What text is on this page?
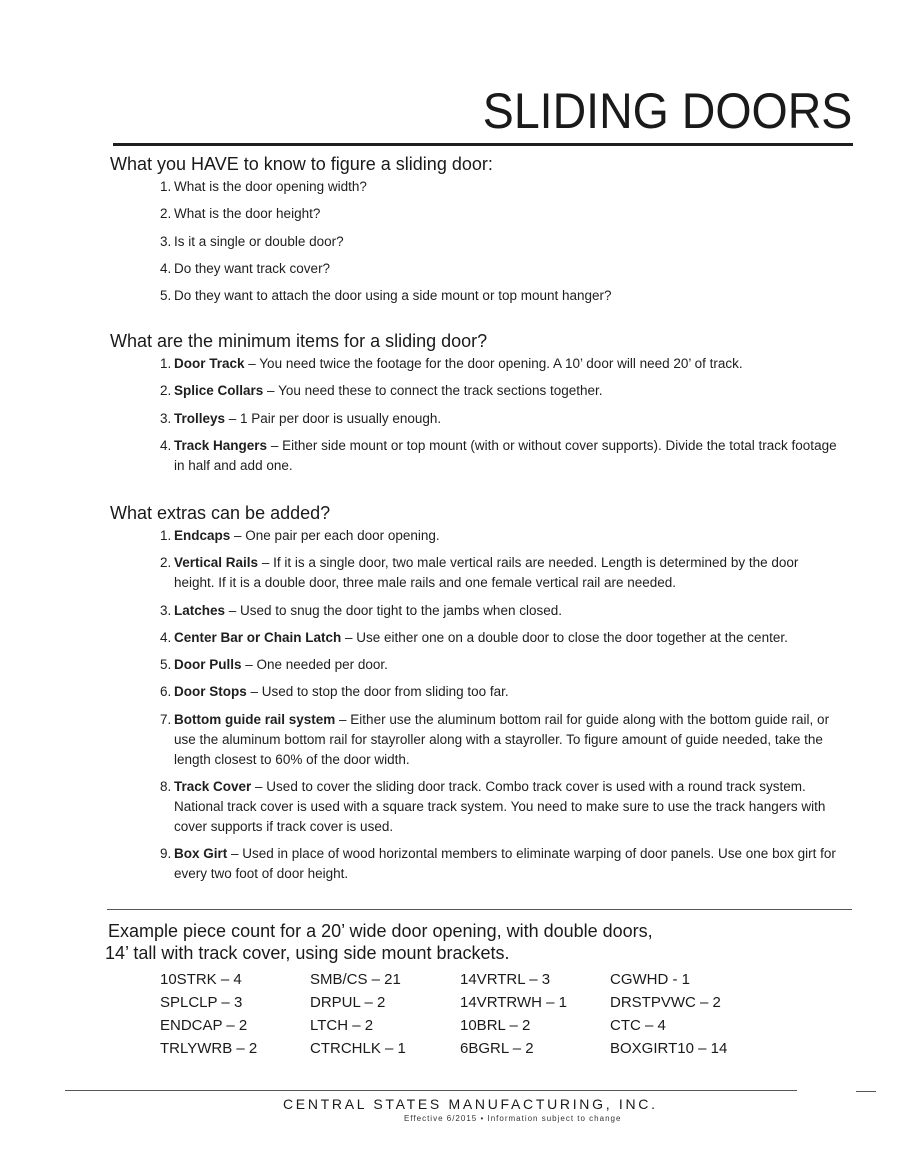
SLIDING DOORS
What you HAVE to know to figure a sliding door:
1. What is the door opening width?
2. What is the door height?
3. Is it a single or double door?
4. Do they want track cover?
5. Do they want to attach the door using a side mount or top mount hanger?
What are the minimum items for a sliding door?
1. Door Track – You need twice the footage for the door opening. A 10’ door will need 20’ of track.
2. Splice Collars – You need these to connect the track sections together.
3. Trolleys – 1 Pair per door is usually enough.
4. Track Hangers – Either side mount or top mount (with or without cover supports). Divide the total track footage in half and add one.
What extras can be added?
1. Endcaps – One pair per each door opening.
2. Vertical Rails – If it is a single door, two male vertical rails are needed. Length is determined by the door height. If it is a double door, three male rails and one female vertical rail are needed.
3. Latches – Used to snug the door tight to the jambs when closed.
4. Center Bar or Chain Latch – Use either one on a double door to close the door together at the center.
5. Door Pulls – One needed per door.
6. Door Stops – Used to stop the door from sliding too far.
7. Bottom guide rail system – Either use the aluminum bottom rail for guide along with the bottom guide rail, or use the aluminum bottom rail for stayroller along with a stayroller. To figure amount of guide needed, take the length closest to 60% of the door width.
8. Track Cover – Used to cover the sliding door track. Combo track cover is used with a round track system. National track cover is used with a square track system. You need to make sure to use the track hangers with cover supports if track cover is used.
9. Box Girt – Used in place of wood horizontal members to eliminate warping of door panels. Use one box girt for every two foot of door height.
Example piece count for a 20’ wide door opening, with double doors,
14’ tall with track cover, using side mount brackets.
10STRK – 4	SMB/CS – 21	14VRTRL – 3	CGWHD - 1
SPLCLP – 3	DRPUL – 2	14VRTRWH – 1	DRSTPVWC – 2
ENDCAP – 2	LTCH – 2	10BRL – 2	CTC – 4
TRLYWRB – 2	CTRCHLK – 1	6BGRL – 2	BOXGIRT10 – 14
CENTRAL STATES MANUFACTURING, INC.
Effective 6/2015 • Information subject to change
